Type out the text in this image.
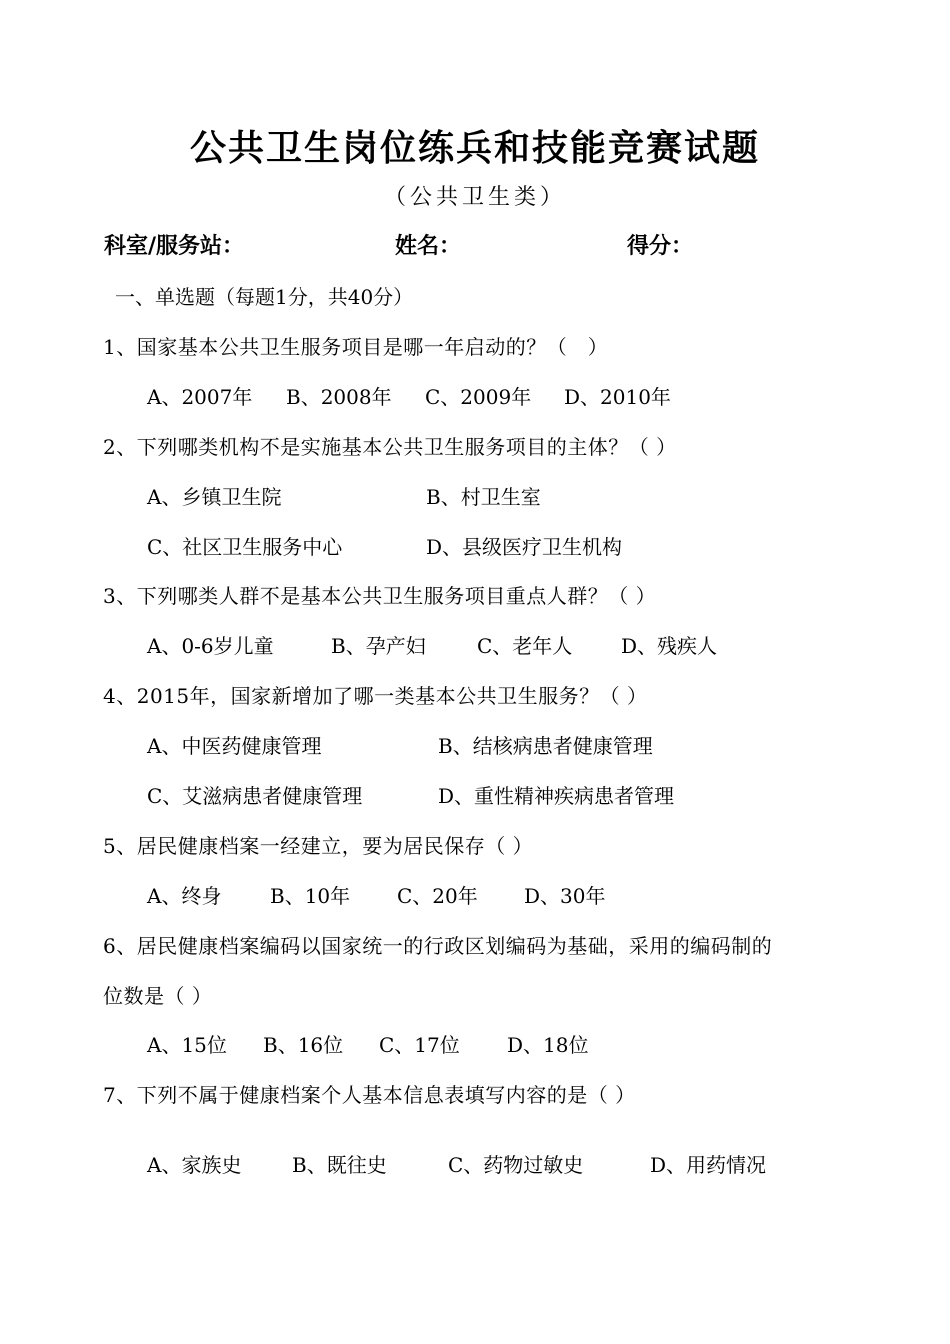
公共卫生岗位练兵和技能竞赛试题
（公共卫生类）
科室/服务站：	姓名：	得分：
一、单选题（每题1分，共40分）
1、国家基本公共卫生服务项目是哪一年启动的？（　）
A、2007年 B、2008年 C、2009年 D、2010年
2、下列哪类机构不是实施基本公共卫生服务项目的主体？（ ）
A、乡镇卫生院	B、村卫生室
C、社区卫生服务中心	D、县级医疗卫生机构
3、下列哪类人群不是基本公共卫生服务项目重点人群？（ ）
A、0-6岁儿童	B、孕产妇	C、老年人 D、残疾人
4、2015年，国家新增加了哪一类基本公共卫生服务？（ ）
A、中医药健康管理	B、结核病患者健康管理
C、艾滋病患者健康管理	D、重性精神疾病患者管理
5、居民健康档案一经建立，要为居民保存（ ）
A、终身 B、10年 C、20年 D、30年
6、居民健康档案编码以国家统一的行政区划编码为基础，采用的编码制的
位数是（ ）
A、15位 B、16位 C、17位 D、18位
7、下列不属于健康档案个人基本信息表填写内容的是（ ）
A、家族史	B、既往史	C、药物过敏史	D、用药情况
